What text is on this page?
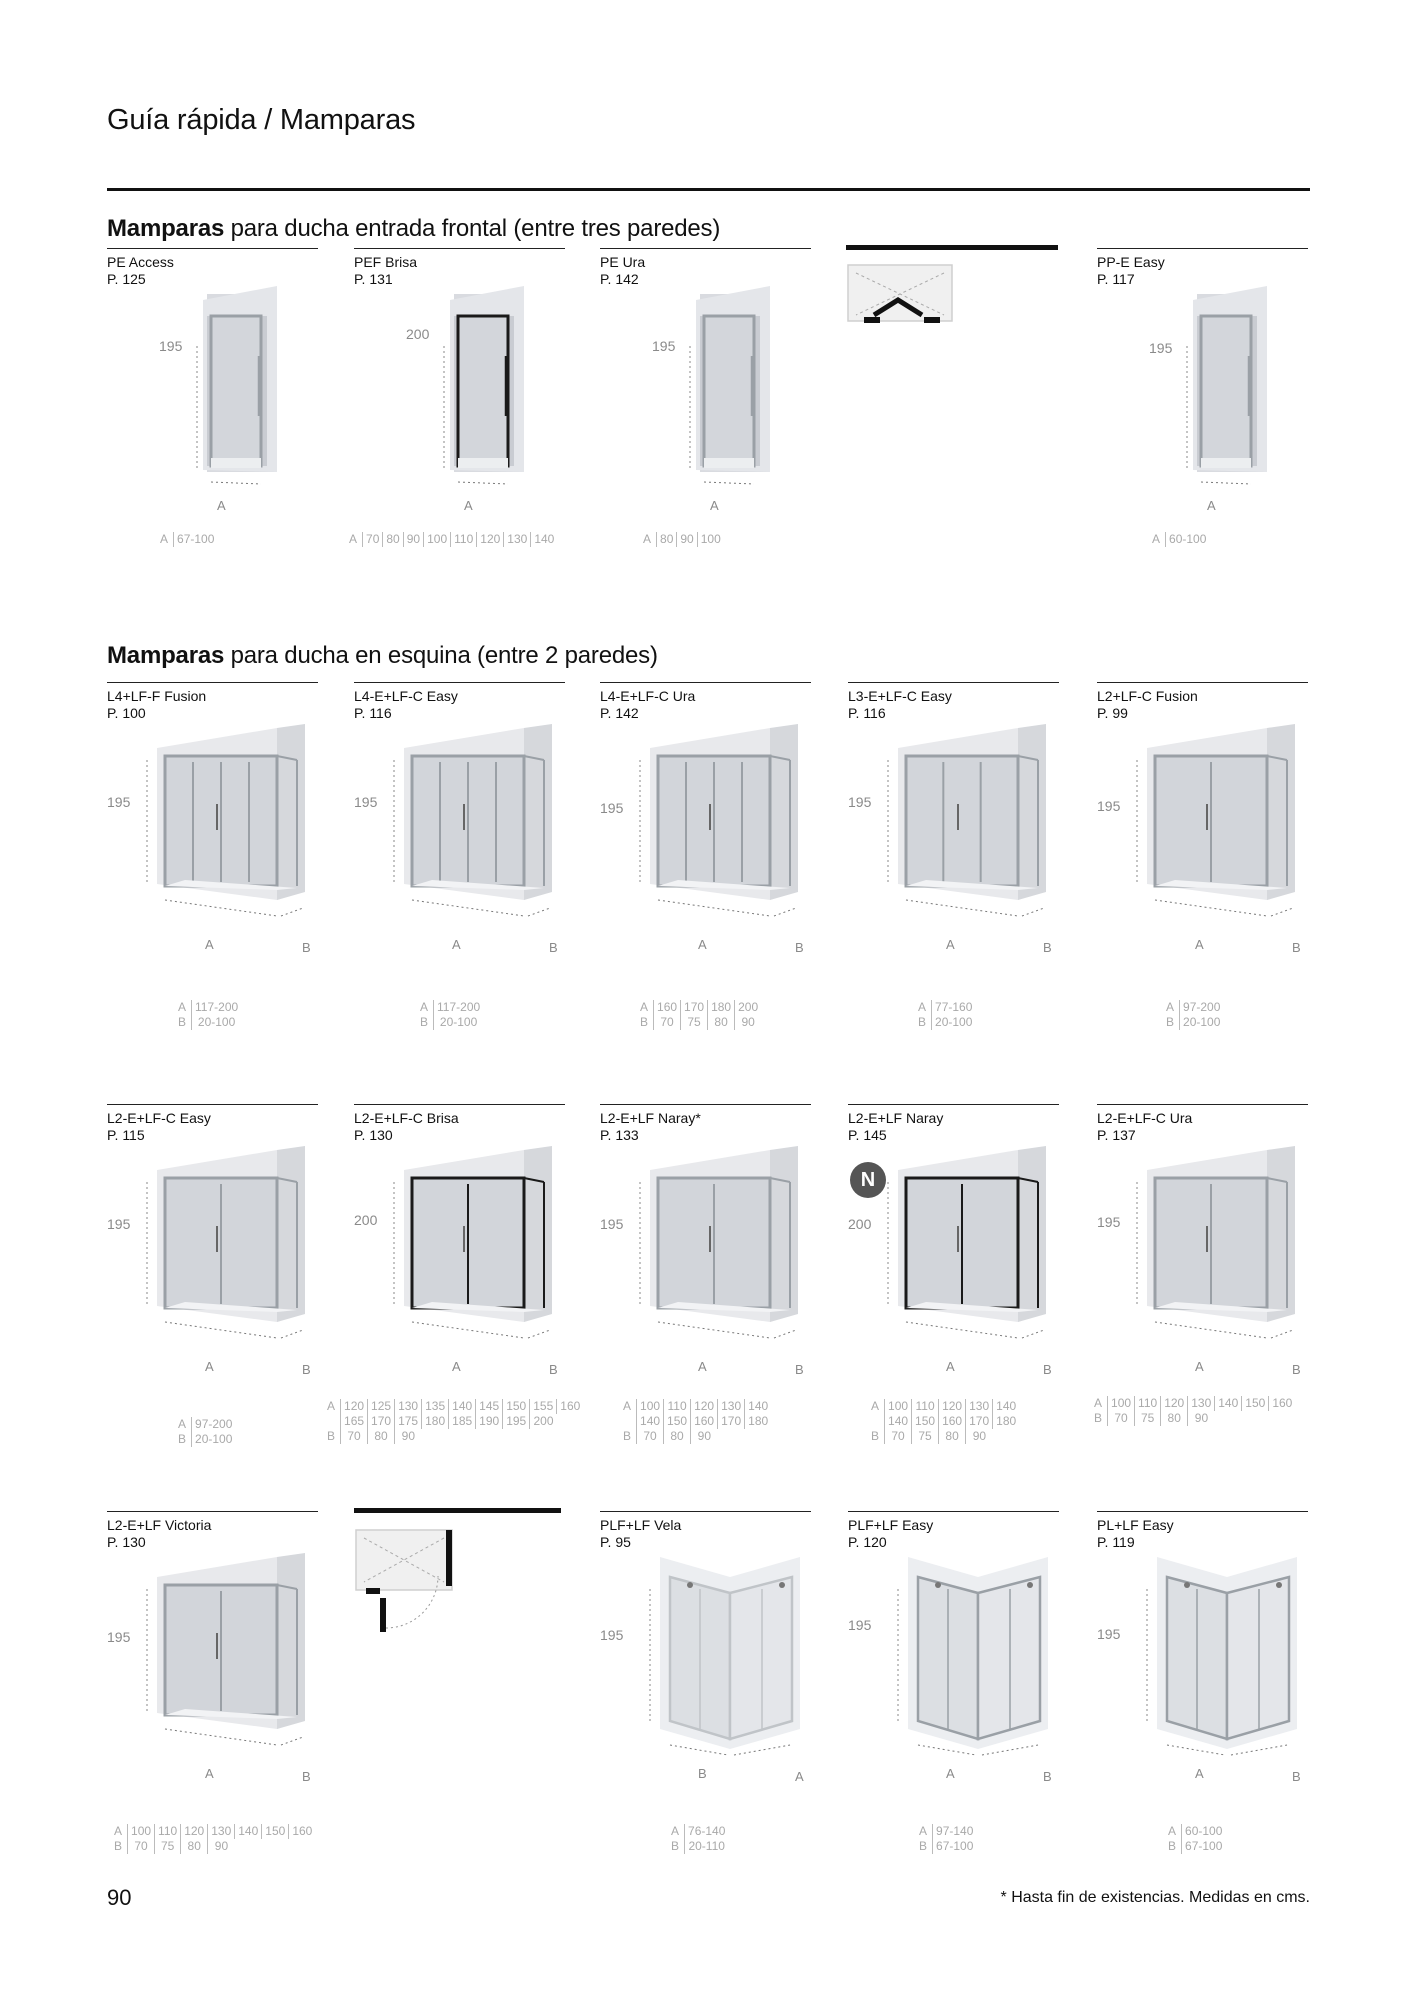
Guía rápida / Mamparas
Mamparas para ducha entrada frontal (entre tres paredes)
PE Access
P. 125
195
A
A	67-100
PEF Brisa
P. 131
200
A
A	70	80	90	100	110	120	130	140
PE Ura
P. 142
195
A
A	80	90	100
PP-E Easy
P. 117
195
A
A	60-100
Mamparas para ducha en esquina (entre 2 paredes)
L4+LF-F Fusion
P. 100
195
A	B
A	117-200
B	20-100
L4-E+LF-C Easy
P. 116
195
A	B
A	117-200
B	20-100
L4-E+LF-C Ura
P. 142
195
A	B
A	160	170	180	200
B	70	75	80	90
L3-E+LF-C Easy
P. 116
195
A	B
A	77-160
B	20-100
L2+LF-C Fusion
P. 99
195
A	B
A	97-200
B	20-100
L2-E+LF-C Easy
P. 115
195
A	B
A	97-200
B	20-100
L2-E+LF-C Brisa
P. 130
200
A	B
A	120	125	130	135	140	145	150	155	160
	165	170	175	180	185	190	195	200	
B	70	80	90						
L2-E+LF Naray*
P. 133
195
A	B
A	100	110	120	130	140
	140	150	160	170	180
B	70	80	90		
L2-E+LF Naray
P. 145
200
A	B
A	100	110	120	130	140
	140	150	160	170	180
B	70	75	80	90	
N
L2-E+LF-C Ura
P. 137
195
A	B
A	100	110	120	130	140	150	160
B	70	75	80	90			
L2-E+LF Victoria
P. 130
195
A	B
A	100	110	120	130	140	150	160
B	70	75	80	90			
PLF+LF Vela
P. 95
195
B	A
A	76-140
B	20-110
PLF+LF Easy
P. 120
195
A	B
A	97-140
B	67-100
PL+LF Easy
P. 119
195
A	B
A	60-100
B	67-100
90	* Hasta fin de existencias. Medidas en cms.
